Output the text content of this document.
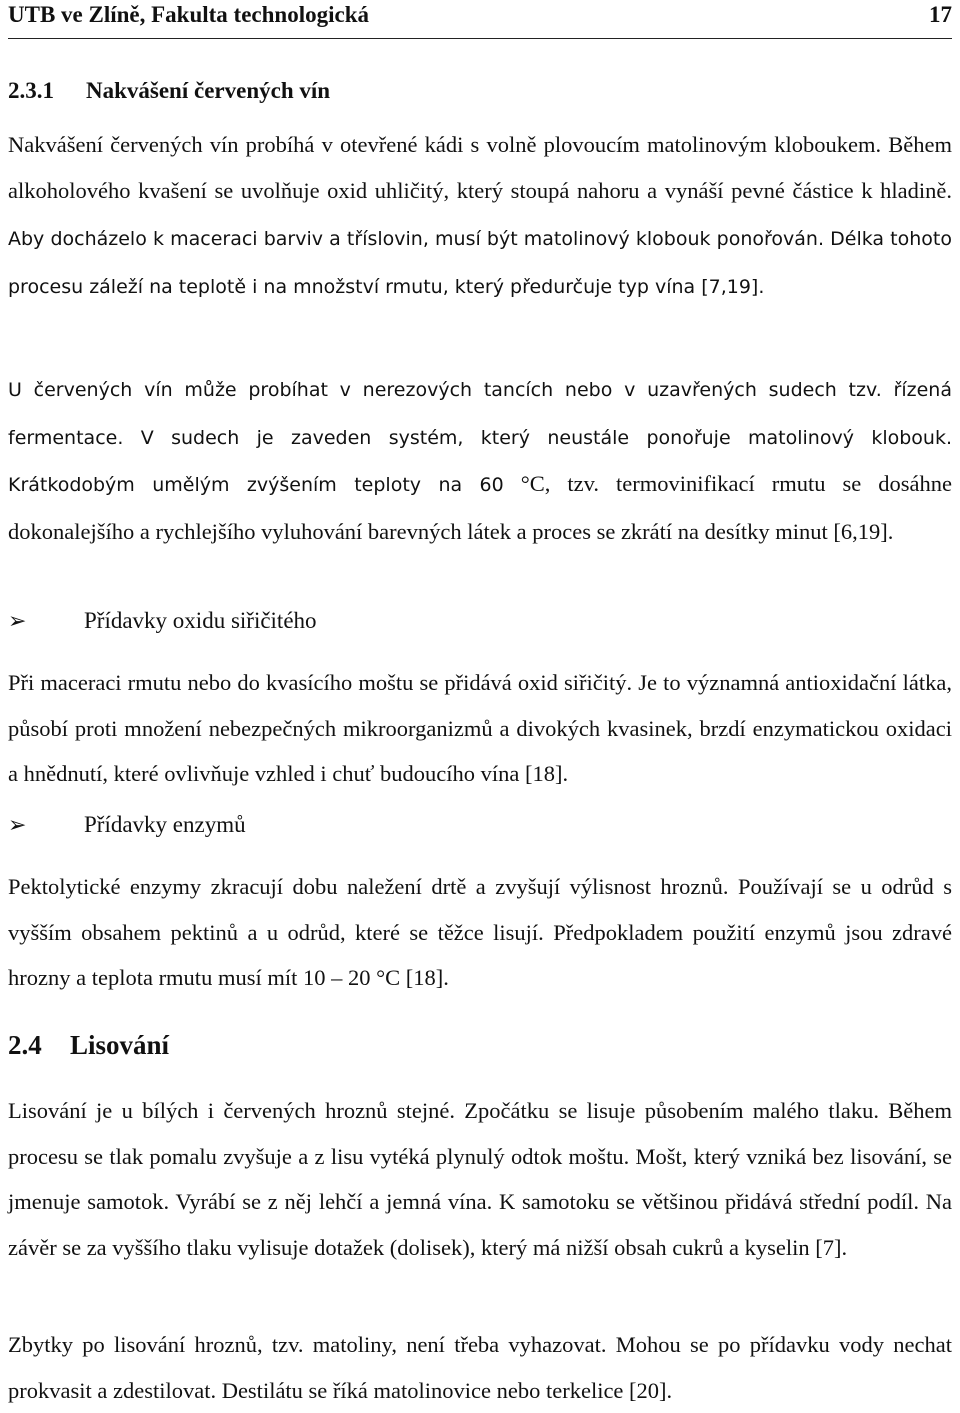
UTB ve Zlíně, Fakulta technologická	17
2.3.1 Nakvášení červených vín
Nakvášení červených vín probíhá v otevřené kádi s volně plovoucím matolinovým kloboukem. Během alkoholového kvašení se uvolňuje oxid uhličitý, který stoupá nahoru a vynáší pevné částice k hladině. Aby docházelo k maceraci barviv a tříslovin, musí být matolinový klobouk ponořován. Délka tohoto procesu záleží na teplotě i na množství rmutu, který předurčuje typ vína [7,19].
U červených vín může probíhat v nerezových tancích nebo v uzavřených sudech tzv. řízená fermentace. V sudech je zaveden systém, který neustále ponořuje matolinový klobouk. Krátkodobým umělým zvýšením teploty na 60 °C, tzv. termovinifikací rmutu se dosáhne dokonalejšího a rychlejšího vyluhování barevných látek a proces se zkrátí na desítky minut [6,19].
➢	Přídavky oxidu siřičitého
Při maceraci rmutu nebo do kvasícího moštu se přidává oxid siřičitý. Je to významná antioxidační látka, působí proti množení nebezpečných mikroorganizmů a divokých kvasinek, brzdí enzymatickou oxidaci a hnědnutí, které ovlivňuje vzhled i chuť budoucího vína [18].
➢	Přídavky enzymů
Pektolytické enzymy zkracují dobu naležení drtě a zvyšují výlisnost hroznů. Používají se u odrůd s vyšším obsahem pektinů a u odrůd, které se těžce lisují. Předpokladem použití enzymů jsou zdravé hrozny a teplota rmutu musí mít 10 – 20 °C [18].
2.4 Lisování
Lisování je u bílých i červených hroznů stejné. Zpočátku se lisuje působením malého tlaku. Během procesu se tlak pomalu zvyšuje a z lisu vytéká plynulý odtok moštu. Mošt, který vzniká bez lisování, se jmenuje samotok. Vyrábí se z něj lehčí a jemná vína. K samotoku se většinou přidává střední podíl. Na závěr se za vyššího tlaku vylisuje dotažek (dolisek), který má nižší obsah cukrů a kyselin [7].
Zbytky po lisování hroznů, tzv. matoliny, není třeba vyhazovat. Mohou se po přídavku vody nechat prokvasit a zdestilovat. Destilátu se říká matolinovice nebo terkelice [20].
